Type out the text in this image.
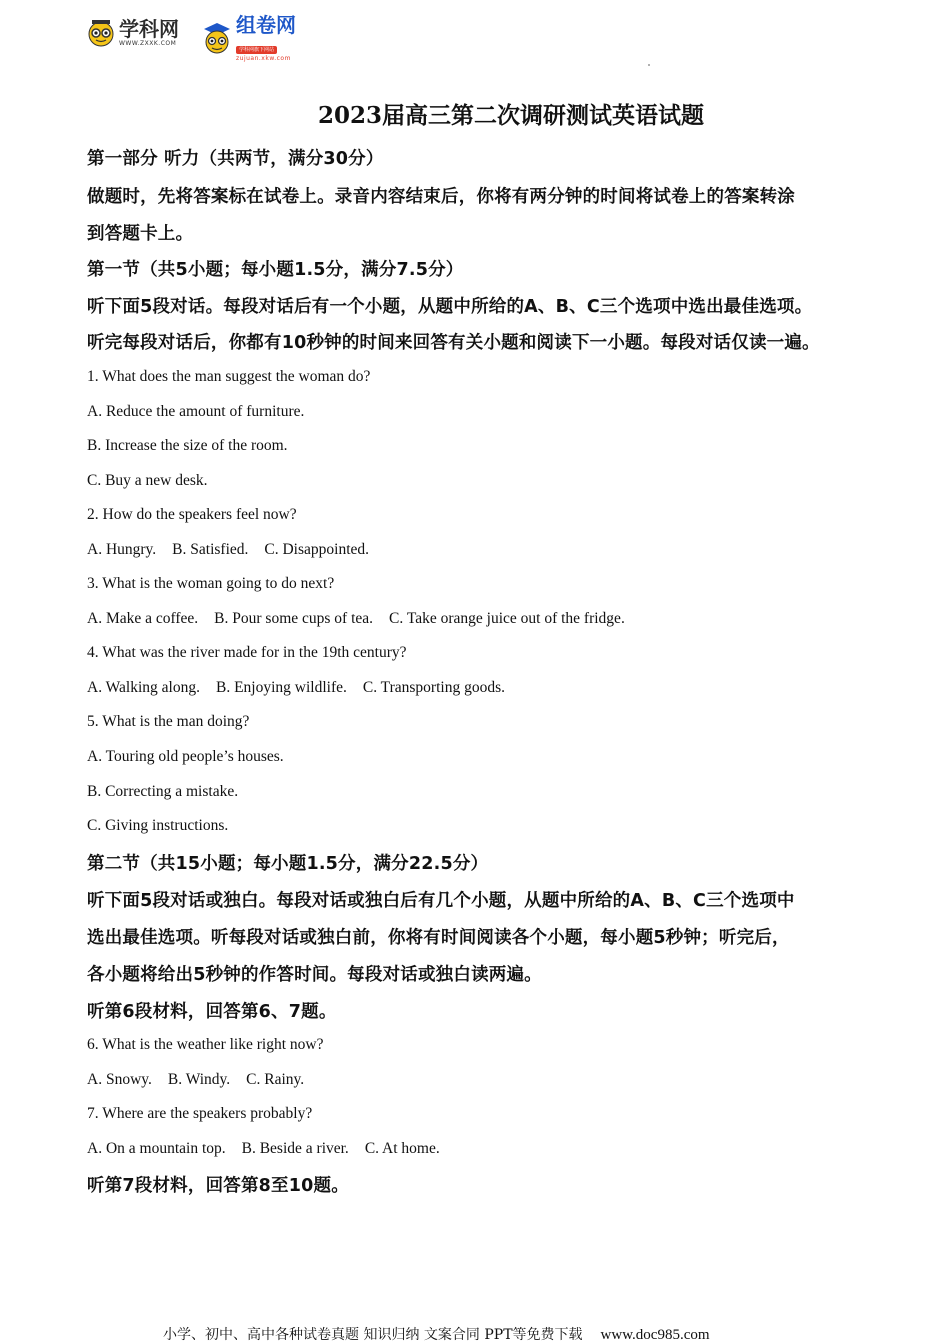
学科网
WWW.ZXXK.COM
组卷网
学科网旗下网站
zujuan.xkw.com
2023届高三第二次调研测试英语试题
第一部分 听力（共两节，满分30分）
做题时，先将答案标在试卷上。录音内容结束后，你将有两分钟的时间将试卷上的答案转涂
到答题卡上。
第一节（共5小题；每小题1.5分，满分7.5分）
听下面5段对话。每段对话后有一个小题，从题中所给的A、B、C三个选项中选出最佳选项。
听完每段对话后，你都有10秒钟的时间来回答有关小题和阅读下一小题。每段对话仅读一遍。
1. What does the man suggest the woman do?
A. Reduce the amount of furniture.
B. Increase the size of the room.
C. Buy a new desk.
2. How do the speakers feel now?
A. Hungry. B. Satisfied. C. Disappointed.
3. What is the woman going to do next?
A. Make a coffee. B. Pour some cups of tea. C. Take orange juice out of the fridge.
4. What was the river made for in the 19th century?
A. Walking along. B. Enjoying wildlife. C. Transporting goods.
5. What is the man doing?
A. Touring old people’s houses.
B. Correcting a mistake.
C. Giving instructions.
第二节（共15小题；每小题1.5分，满分22.5分）
听下面5段对话或独白。每段对话或独白后有几个小题，从题中所给的A、B、C三个选项中
选出最佳选项。听每段对话或独白前，你将有时间阅读各个小题，每小题5秒钟；听完后，
各小题将给出5秒钟的作答时间。每段对话或独白读两遍。
听第6段材料，回答第6、7题。
6. What is the weather like right now?
A. Snowy. B. Windy. C. Rainy.
7. Where are the speakers probably?
A. On a mountain top. B. Beside a river. C. At home.
听第7段材料，回答第8至10题。
小学、初中、高中各种试卷真题 知识归纳 文案合同 PPT等免费下载 www.doc985.com
